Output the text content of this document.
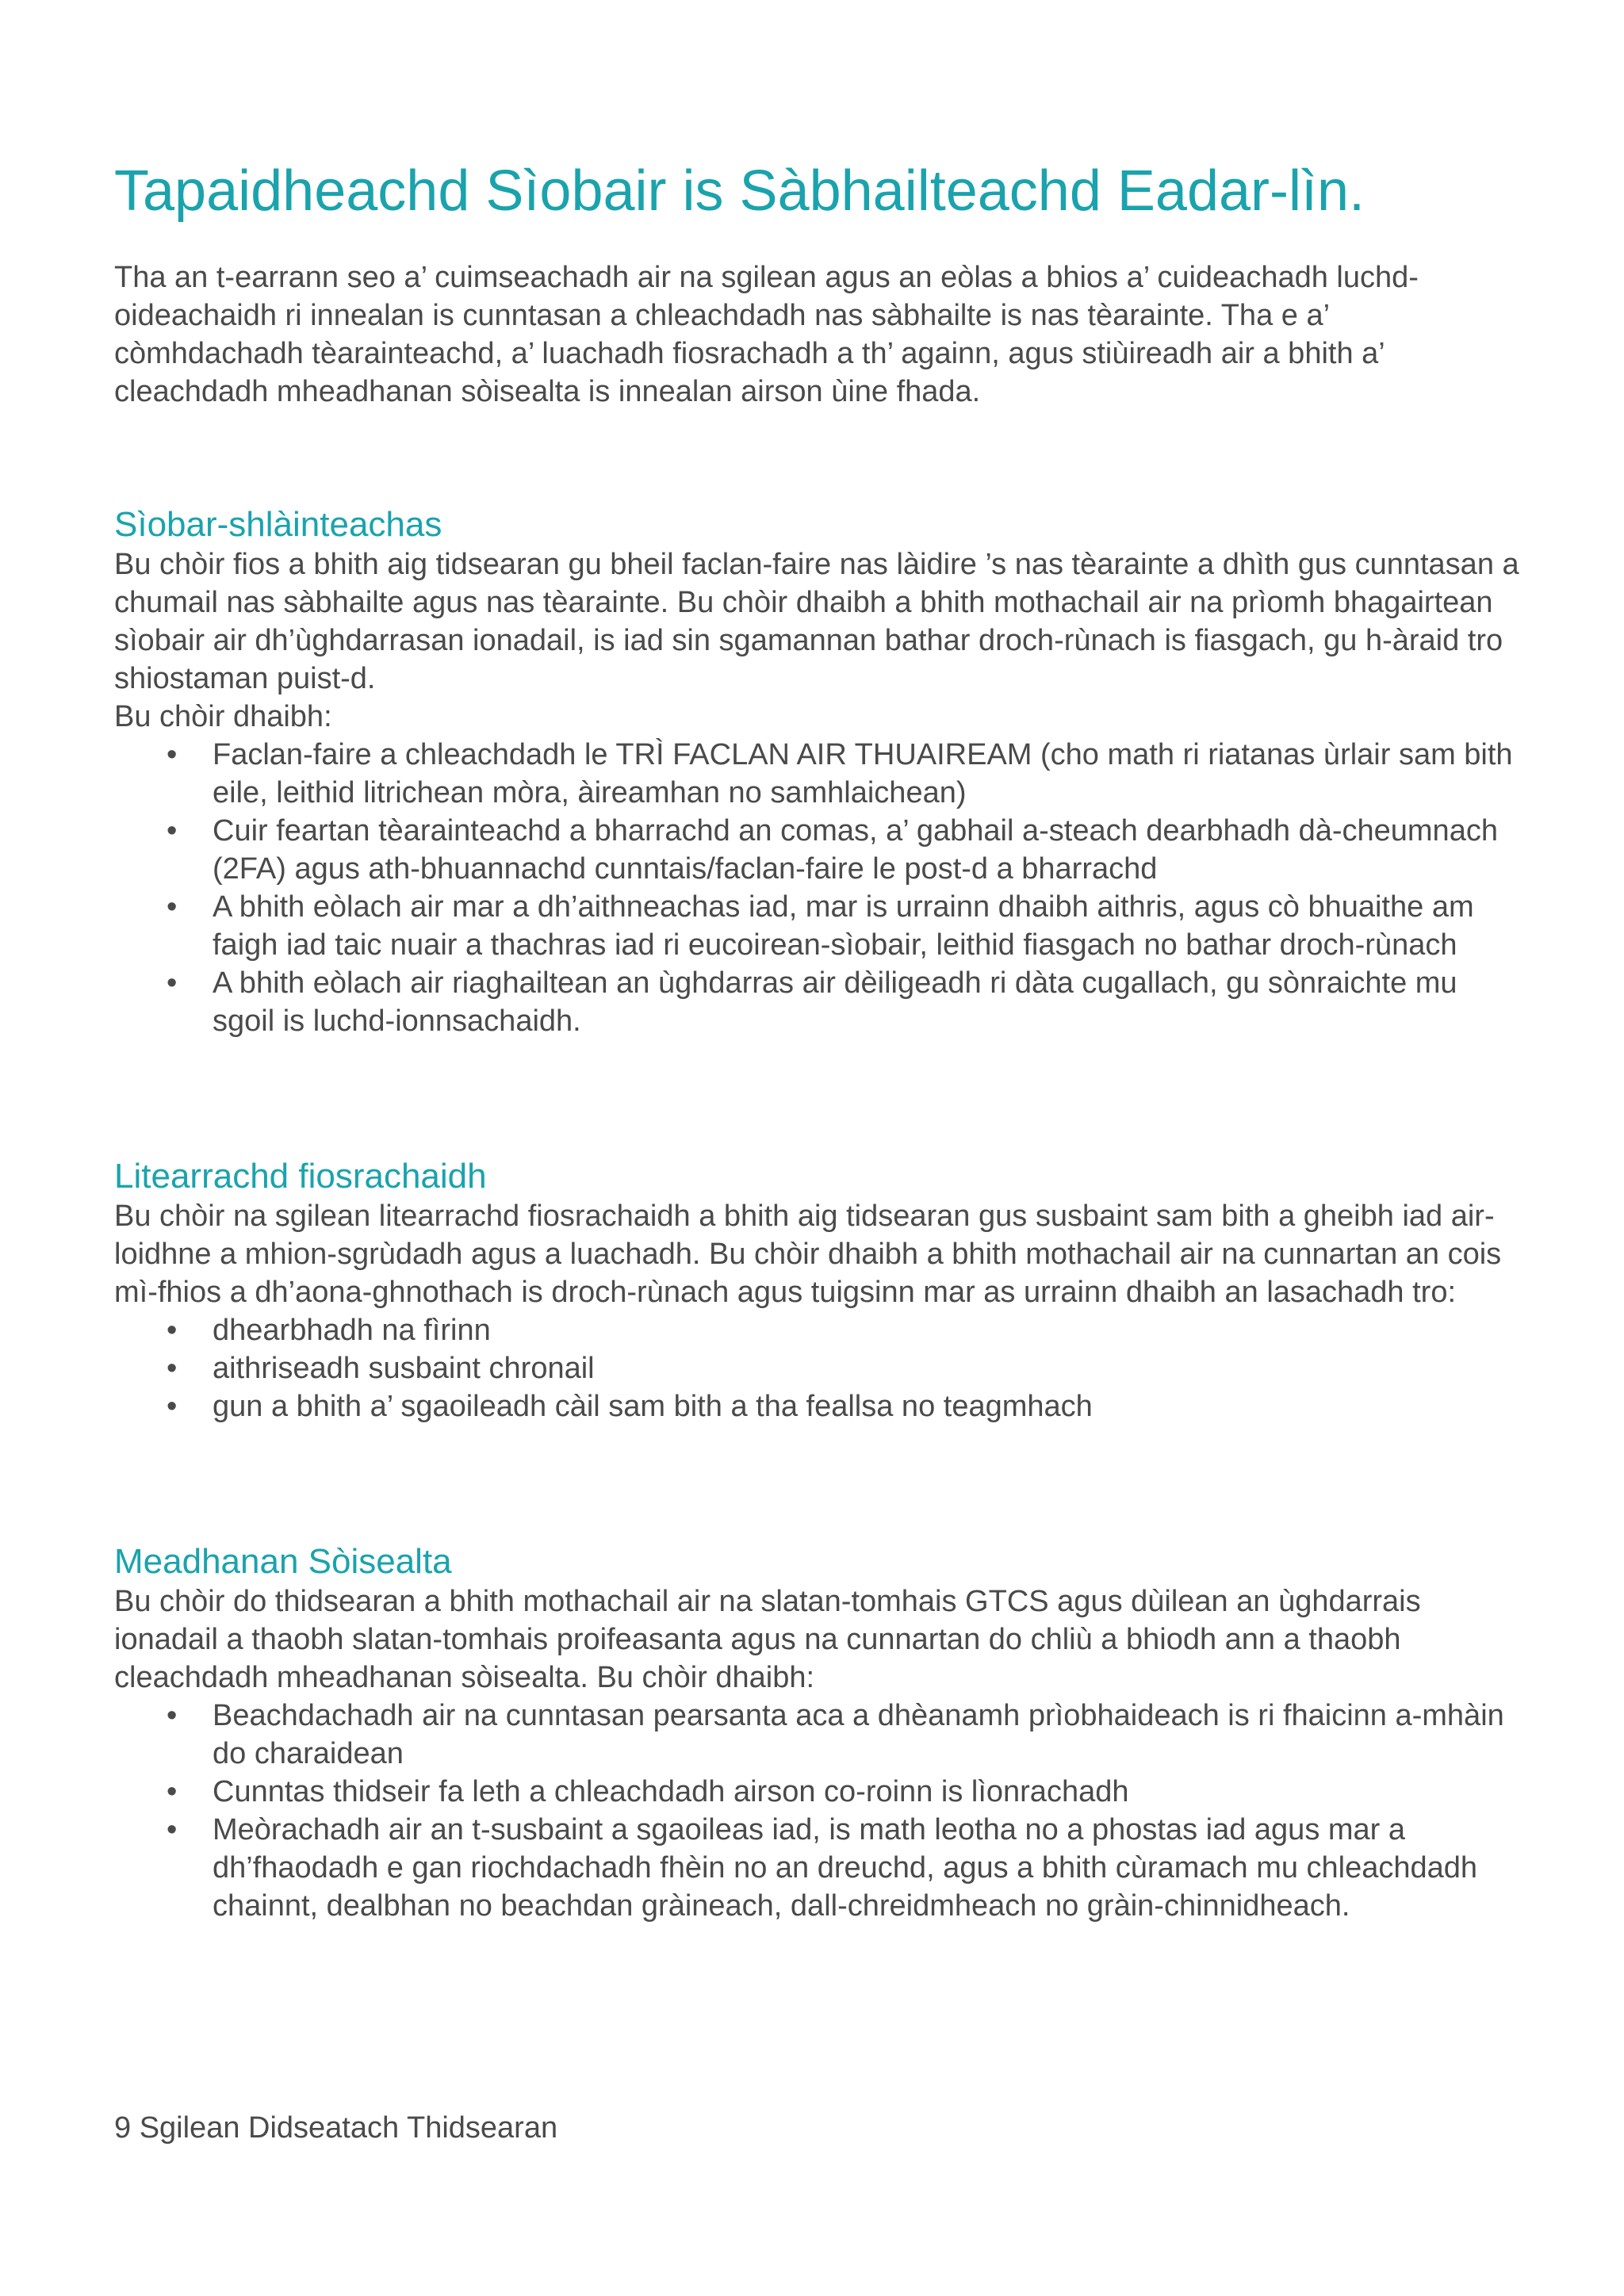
Tapaidheachd Sìobair is Sàbhailteachd Eadar-lìn.

Tha an t-earrann seo a’ cuimseachadh air na sgilean agus an eòlas a bhios a’ cuideachadh luchd-oideachaidh ri innealan is cunntasan a chleachdadh nas sàbhailte is nas tèarainte. Tha e a’ còmhdachadh tèarainteachd, a’ luachadh fiosrachadh a th’ againn, agus stiùireadh air a bhith a’ cleachdadh mheadhanan sòisealta is innealan airson ùine fhada.

Sìobar-shlàinteachas

Bu chòir fios a bhith aig tidsearan gu bheil faclan-faire nas làidire ’s nas tèarainte a dhìth gus cunntasan a chumail nas sàbhailte agus nas tèarainte. Bu chòir dhaibh a bhith mothachail air na prìomh bhagairtean sìobair air dh’ùghdarrasan ionadail, is iad sin sgamannan bathar droch-rùnach is fiasgach, gu h-àraid tro shiostaman puist-d.

Bu chòir dhaibh:

• Faclan-faire a chleachdadh le TRÌ FACLAN AIR THUAIREAM (cho math ri riatanas ùrlair sam bith eile, leithid litrichean mòra, àireamhan no samhlaichean)
• Cuir feartan tèarainteachd a bharrachd an comas, a’ gabhail a-steach dearbhadh dà-cheumnach (2FA) agus ath-bhuannachd cunntais/faclan-faire le post-d a bharrachd
• A bhith eòlach air mar a dh’aithneachas iad, mar is urrainn dhaibh aithris, agus cò bhuaithe am faigh iad taic nuair a thachras iad ri eucoirean-sìobair, leithid fiasgach no bathar droch-rùnach
• A bhith eòlach air riaghailtean an ùghdarras air dèiligeadh ri dàta cugallach, gu sònraichte mu sgoil is luchd-ionnsachaidh.
Litearrachd fiosrachaidh

Bu chòir na sgilean litearrachd fiosrachaidh a bhith aig tidsearan gus susbaint sam bith a gheibh iad air-loidhne a mhion-sgrùdadh agus a luachadh. Bu chòir dhaibh a bhith mothachail air na cunnartan an cois mì-fhios a dh’aona-ghnothach is droch-rùnach agus tuigsinn mar as urrainn dhaibh an lasachadh tro:

• dhearbhadh na fìrinn
• aithriseadh susbaint chronail
• gun a bhith a’ sgaoileadh càil sam bith a tha feallsa no teagmhach
Meadhanan Sòisealta

Bu chòir do thidsearan a bhith mothachail air na slatan-tomhais GTCS agus dùilean an ùghdarrais ionadail a thaobh slatan-tomhais proifeasanta agus na cunnartan do chliù a bhiodh ann a thaobh cleachdadh mheadhanan sòisealta. Bu chòir dhaibh:

• Beachdachadh air na cunntasan pearsanta aca a dhèanamh prìobhaideach is ri fhaicinn a-mhàin do charaidean
• Cunntas thidseir fa leth a chleachdadh airson co-roinn is lìonrachadh
• Meòrachadh air an t-susbaint a sgaoileas iad, is math leotha no a phostas iad agus mar a dh’fhaodadh e gan riochdachadh fhèin no an dreuchd, agus a bhith cùramach mu chleachdadh chainnt, dealbhan no beachdan gràineach, dall-chreidmheach no gràin-chinnidheach.

9 Sgilean Didseatach Thidsearan
